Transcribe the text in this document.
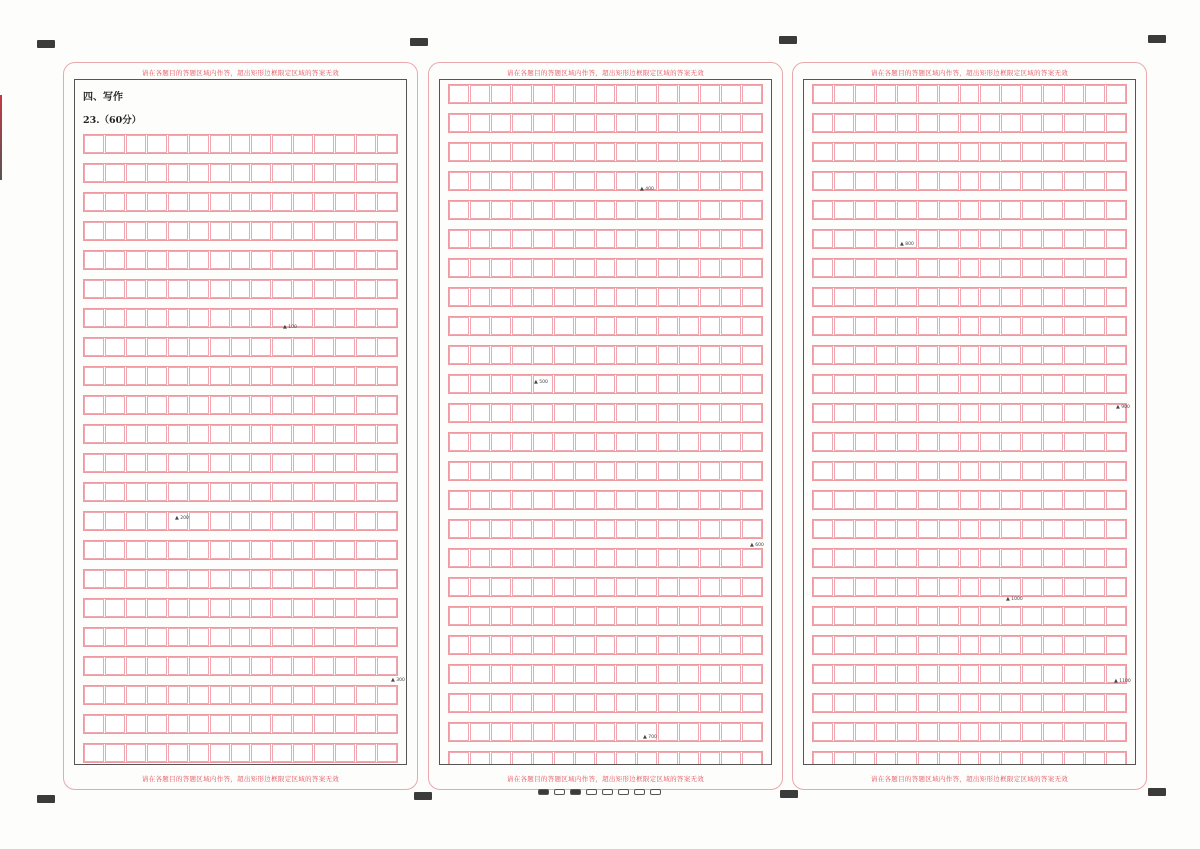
请在各题目的答题区域内作答，超出矩形边框限定区域的答案无效
四、写作
23.（60分）
▲ 100
▲ 200
▲ 300
请在各题目的答题区域内作答，超出矩形边框限定区域的答案无效
请在各题目的答题区域内作答，超出矩形边框限定区域的答案无效
▲ 400
▲ 500
▲ 600
▲ 700
请在各题目的答题区域内作答，超出矩形边框限定区域的答案无效
请在各题目的答题区域内作答，超出矩形边框限定区域的答案无效
▲ 800
▲ 900
▲ 1000
▲ 1100
请在各题目的答题区域内作答，超出矩形边框限定区域的答案无效
